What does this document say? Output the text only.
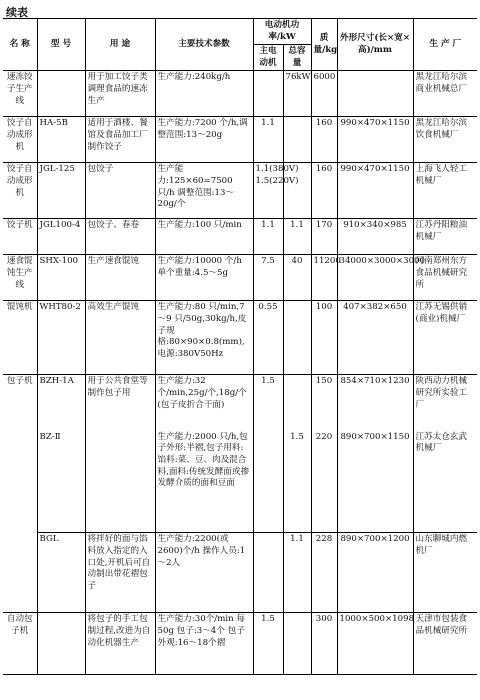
续表
名 称	型 号	用 途	主要技术参数	电动机功率/kW		质量/kg	外形尺寸(长×宽×高)/mm	生 产 厂
				主电动机	总容量			
速冻饺子生产线		用于加工饺子类调理食品的速冻生产	生产能力:240kg/h		76kW	6000		黑龙江哈尔滨商业机械总厂
饺子自动成形机	HA-5B	适用于酒楼、餐馆及食品加工厂制作饺子	生产能力:7200 个/h,调整范围:13～20g	1.1		160	990×470×1150	黑龙江哈尔滨饮食机械厂
饺子自动成形机	JGL-125	包饺子	生产能力:125×60=7500 只/h 调整范围:13～20g/个	1.1(380V) 1.5(220V)		160	990×470×1150	上海飞人轻工机械厂
饺子机	JGL100-4	包饺子、春卷	生产能力:100 只/min	1.1	1.1	170	910×340×985	江苏丹阳粮油机械厂
速食馄饨生产线	SHX-100	生产速食馄饨	生产能力:10000 个/h 单个重量:4.5～5g	7.5	40	11200	34000×3000×3000	河南郑州东方食品机械研究所
馄饨机	WHT80-2	高效生产馄饨	生产能力:80 只/min,7～9 只/50g,30kg/h,皮子规格:80×90×0.8(mm),电源:380V50Hz	0.55		100	407×382×650	江苏无锡供销(商业)机械厂
包子机	BZH-1A	用于公共食堂等制作包子用	生产能力:32个/min,25g/个,18g/个(包子皮折合干面)	1.5		150	854×710×1230	陕西动力机械研究所实验工厂
	BZ-Ⅱ		生产能力:2000 只/h,包子外形:半褶,包子用料:馅料:菜、豆、肉及混合料,面料:传统发酵面或掺发酵介质的面和豆面		1.5	220	890×700×1150	江苏太仓玄武机械厂
	BGL	将拌好的面与馅料放入指定的入口处,开机后可自动制出带花褶包子	生产能力:2200(或2600)个/h 操作人员:1～2人		1.1	228	890×700×1200	山东聊城内燃机厂
自动包子机		将包子的手工包制过程,改进为自动化机器生产	生产能力:30个/min 每 50g 包子:3～4个 包子外观:16～18个褶	1.5		300	1000×500×1098	天津市包装食品机械研究所
